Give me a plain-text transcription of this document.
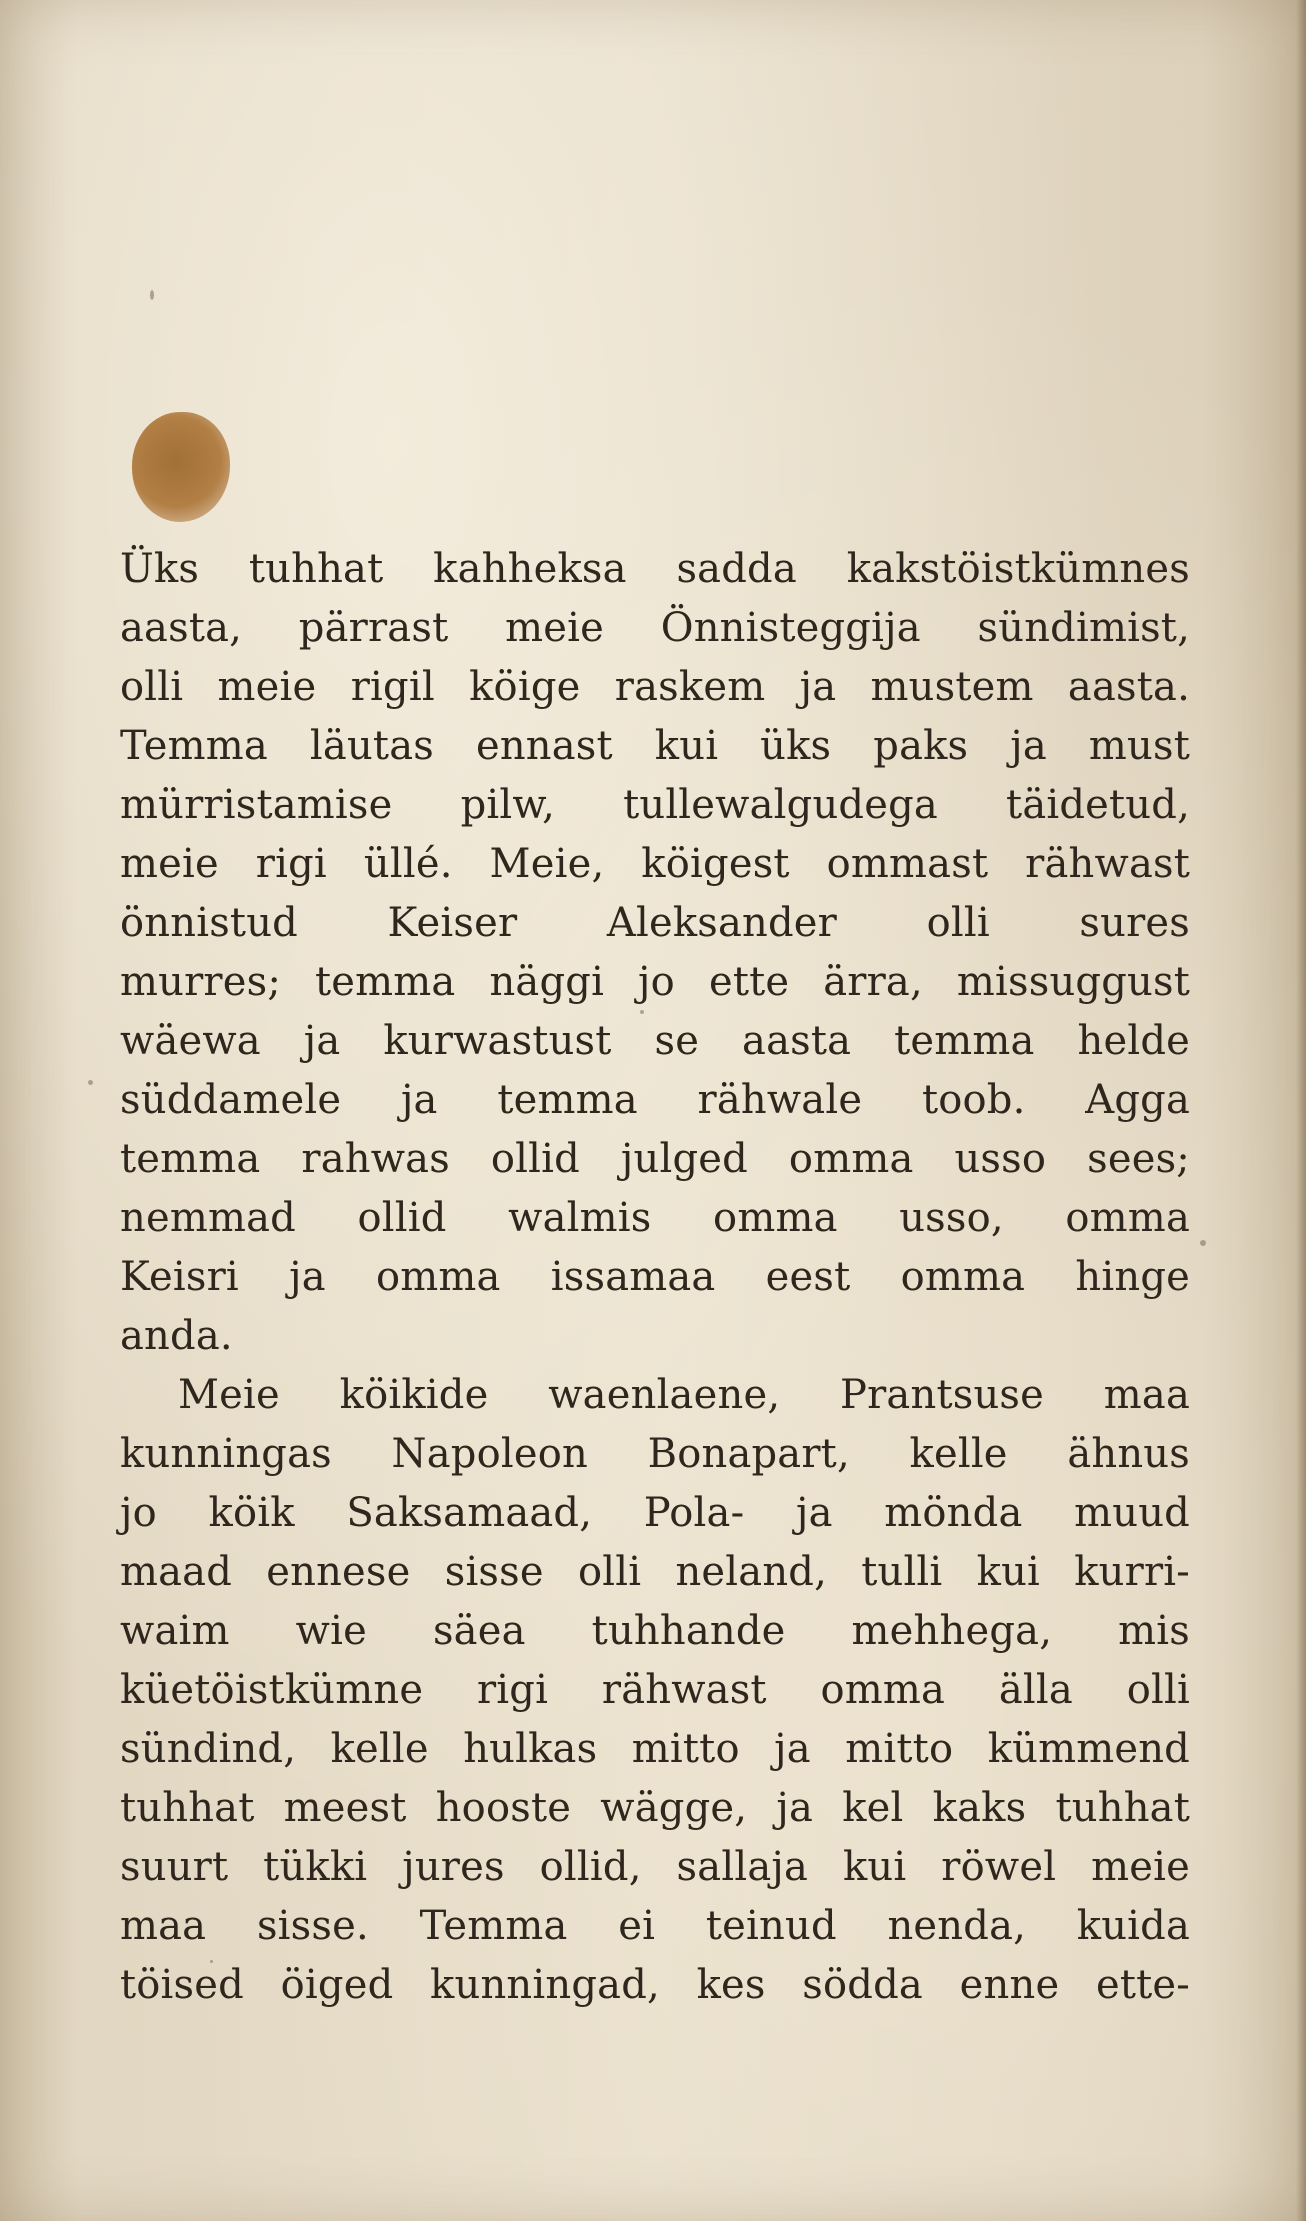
Üks tuhhat kahheksa sadda kakstöistkümnes
aasta, pärrast meie Önnisteggija sündimist,
olli meie rigil köige raskem ja mustem aasta.
Temma läutas ennast kui üks paks ja must
mürristamise pilw, tullewalgudega täidetud,
meie rigi üllé. Meie, köigest ommast rähwast
önnistud Keiser Aleksander olli sures
murres; temma näggi jo ette ärra, missuggust
wäewa ja kurwastust se aasta temma helde
süddamele ja temma rähwale toob. Agga
temma rahwas ollid julged omma usso sees;
nemmad ollid walmis omma usso, omma
Keisri ja omma issamaa eest omma hinge
anda.
Meie köikide waenlaene, Prantsuse maa
kunningas Napoleon Bonapart, kelle ähnus
jo köik Saksamaad, Pola- ja mönda muud
maad ennese sisse olli neland, tulli kui kurri-
waim wie säea tuhhande mehhega, mis
küetöistkümne rigi rähwast omma älla olli
sündind, kelle hulkas mitto ja mitto kümmend
tuhhat meest hooste wägge, ja kel kaks tuhhat
suurt tükki jures ollid, sallaja kui röwel meie
maa sisse. Temma ei teinud nenda, kuida
töised öiged kunningad, kes södda enne ette-
